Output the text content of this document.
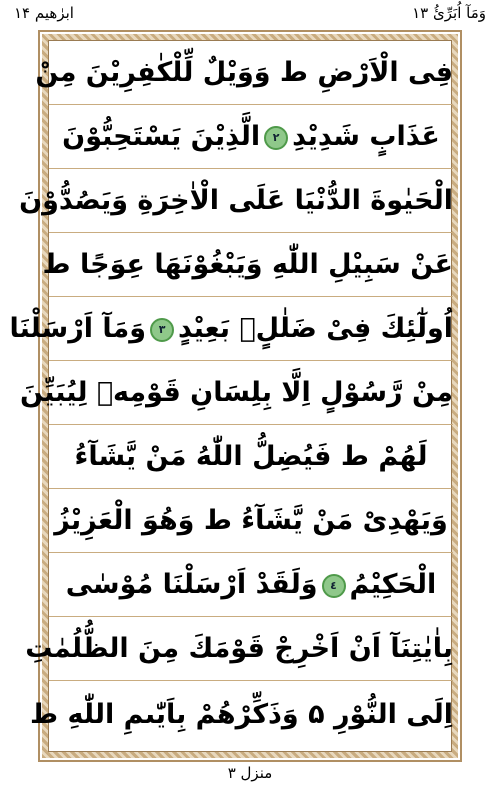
ابرٰهیم ۱۴	وَمَآ اُبَرِّئُ ۱۳
فِی الْاَرْضِ ط وَوَیْلٌ لِّلْکٰفِرِیْنَ مِنْ
عَذَابٍ شَدِیْدِ٢الَّذِیْنَ یَسْتَحِبُّوْنَ
الْحَیٰوةَ الدُّنْیَا عَلَی الْاٰخِرَةِ وَیَصُدُّوْنَ
عَنْ سَبِیْلِ اللّٰهِ وَیَبْغُوْنَهَا عِوَجًا ط
اُولٰٓئِكَ فِیْ ضَلٰلٍۭ بَعِیْدٍ٣وَمَآ اَرْسَلْنَا
مِنْ رَّسُوْلٍ اِلَّا بِلِسَانِ قَوْمِهٖ لِیُبَیِّنَ
لَهُمْ ط فَیُضِلُّ اللّٰهُ مَنْ یَّشَآءُ
وَیَهْدِیْ مَنْ یَّشَآءُ ط وَهُوَ الْعَزِیْزُ
الْحَکِیْمُ٤وَلَقَدْ اَرْسَلْنَا مُوْسٰی
بِاٰیٰتِنَآ اَنْ اَخْرِجْ قَوْمَكَ مِنَ الظُّلُمٰتِ
اِلَی النُّوْرِ ۵ وَذَكِّرْهُمْ بِاَیّٰىمِ اللّٰهِ ط
منزل ۳
